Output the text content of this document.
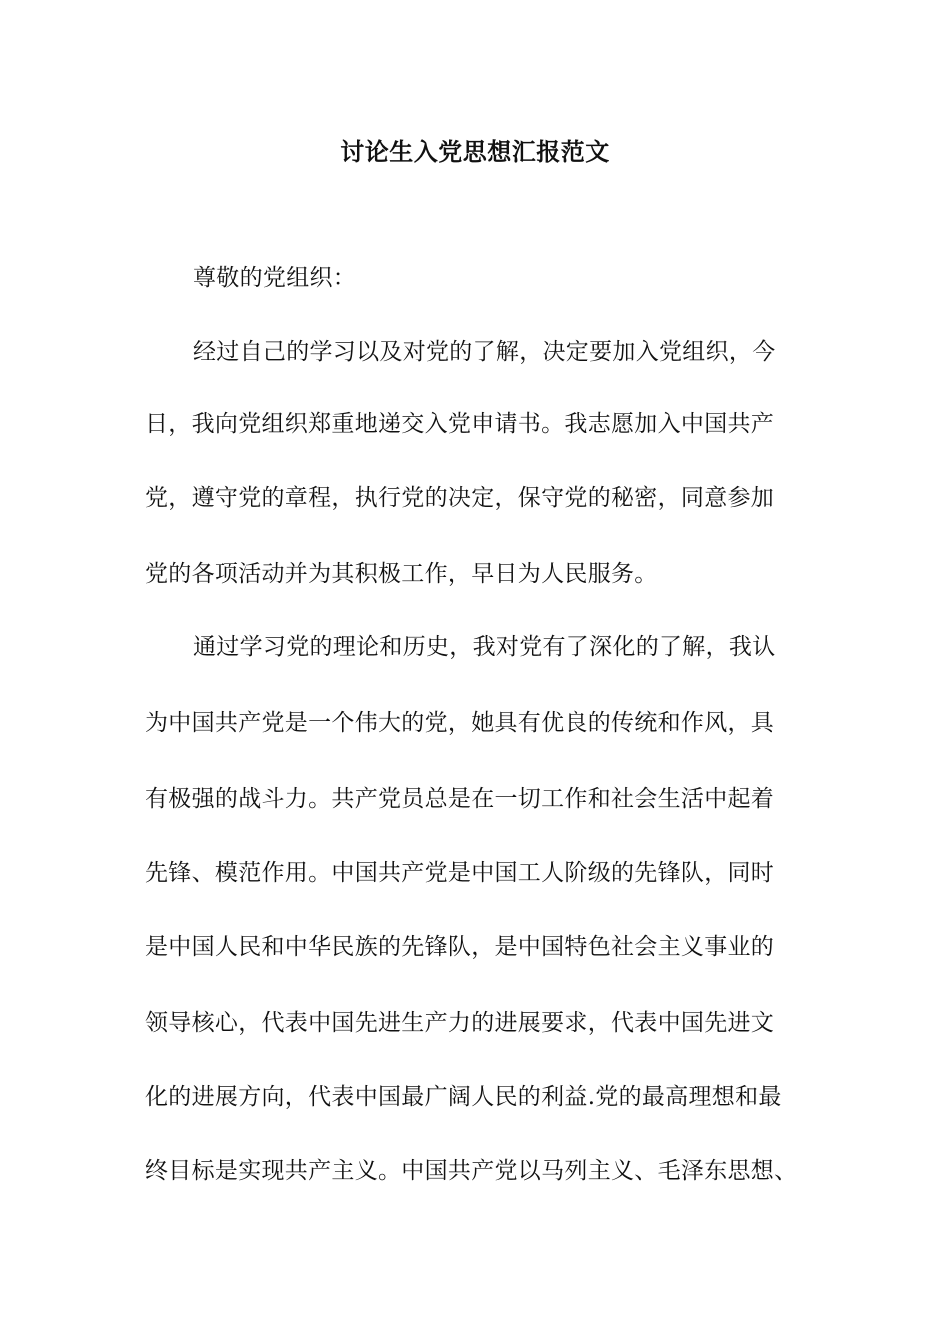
讨论生入党思想汇报范文

尊敬的党组织：

经过自己的学习以及对党的了解，决定要加入党组织，今

日，我向党组织郑重地递交入党申请书。我志愿加入中国共产

党，遵守党的章程，执行党的决定，保守党的秘密，同意参加

党的各项活动并为其积极工作，早日为人民服务。

通过学习党的理论和历史，我对党有了深化的了解，我认

为中国共产党是一个伟大的党，她具有优良的传统和作风，具

有极强的战斗力。共产党员总是在一切工作和社会生活中起着

先锋、模范作用。中国共产党是中国工人阶级的先锋队，同时

是中国人民和中华民族的先锋队，是中国特色社会主义事业的

领导核心，代表中国先进生产力的进展要求，代表中国先进文

化的进展方向，代表中国最广阔人民的利益.党的最高理想和最

终目标是实现共产主义。中国共产党以马列主义、毛泽东思想、
